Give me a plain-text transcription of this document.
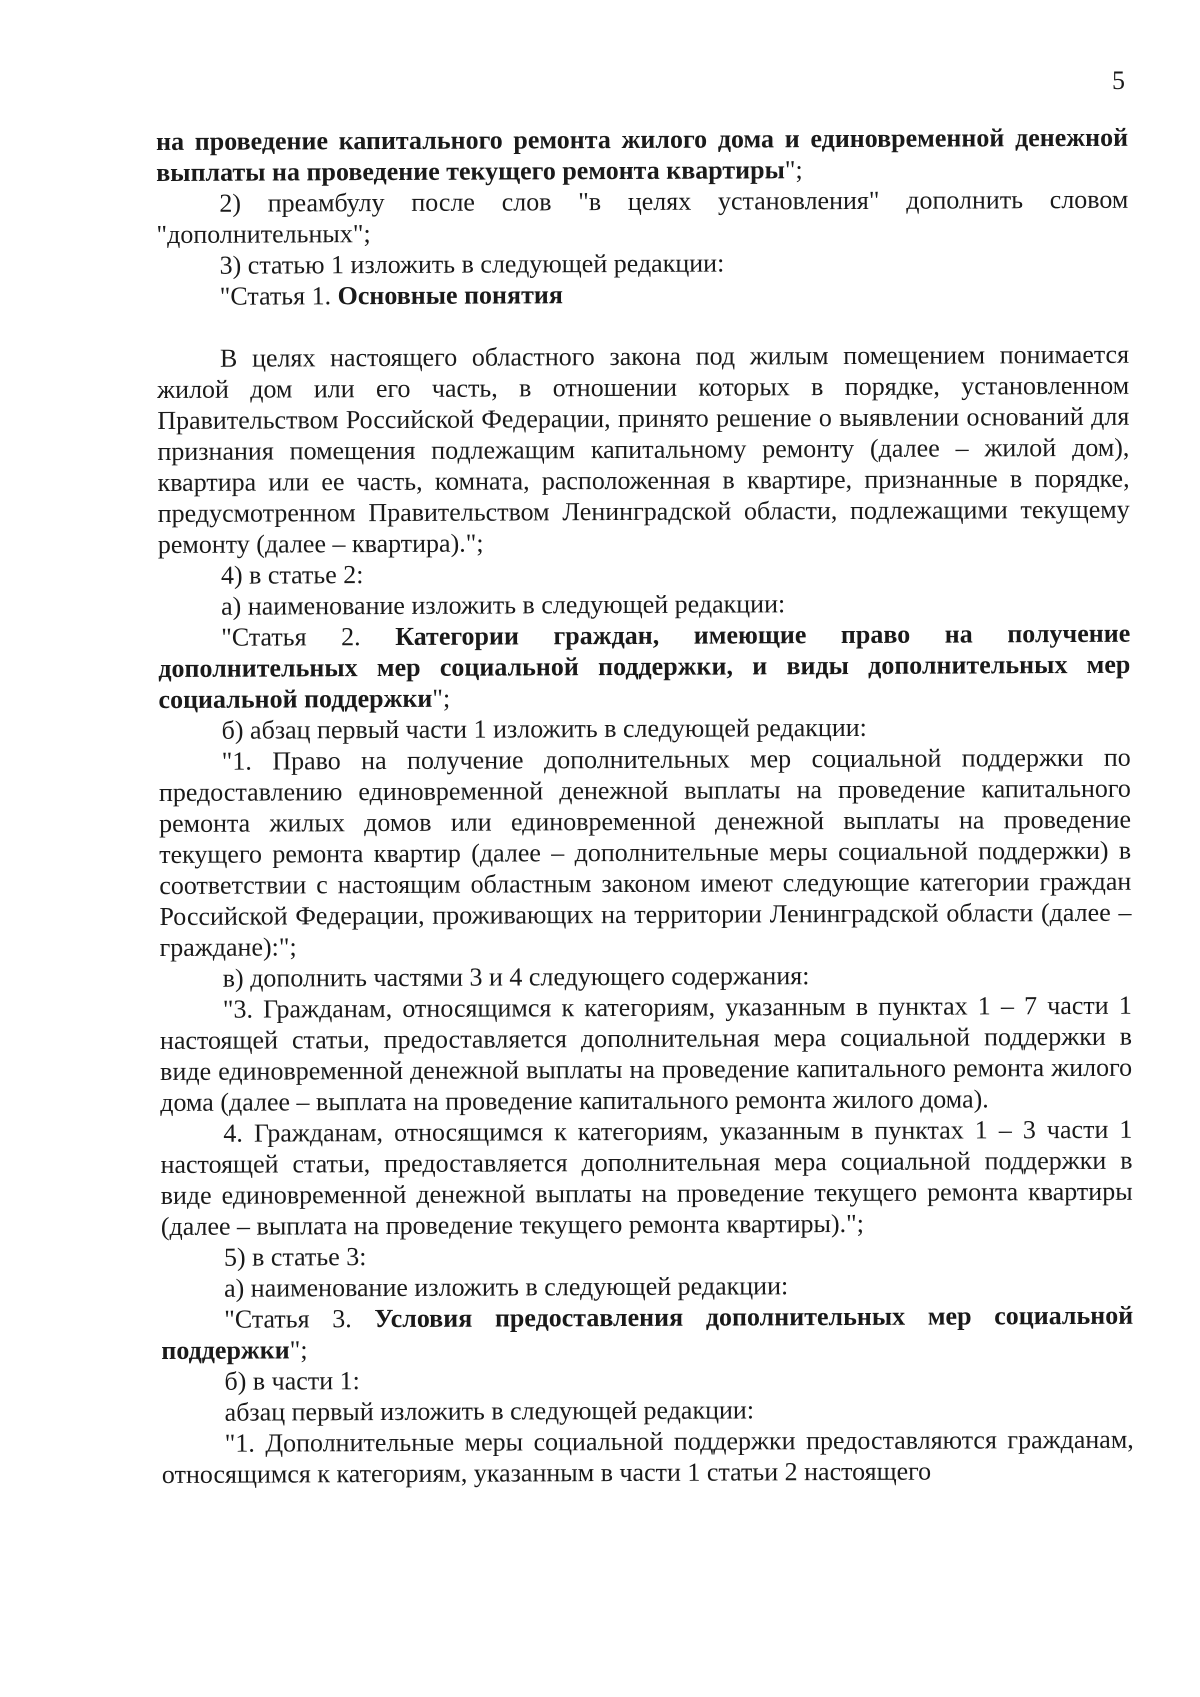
5

на проведение капитального ремонта жилого дома и единовременной денежной выплаты на проведение текущего ремонта квартиры";

2) преамбулу после слов "в целях установления" дополнить словом "дополнительных";

3) статью 1 изложить в следующей редакции:

"Статья 1. Основные понятия

В целях настоящего областного закона под жилым помещением понимается жилой дом или его часть, в отношении которых в порядке, установленном Правительством Российской Федерации, принято решение о выявлении оснований для признания помещения подлежащим капитальному ремонту (далее – жилой дом), квартира или ее часть, комната, расположенная в квартире, признанные в порядке, предусмотренном Правительством Ленинградской области, подлежащими текущему ремонту (далее – квартира).";

4) в статье 2:

а) наименование изложить в следующей редакции:

"Статья 2. Категории граждан, имеющие право на получение дополнительных мер социальной поддержки, и виды дополнительных мер социальной поддержки";

б) абзац первый части 1 изложить в следующей редакции:

"1. Право на получение дополнительных мер социальной поддержки по предоставлению единовременной денежной выплаты на проведение капитального ремонта жилых домов или единовременной денежной выплаты на проведение текущего ремонта квартир (далее – дополнительные меры социальной поддержки) в соответствии с настоящим областным законом имеют следующие категории граждан Российской Федерации, проживающих на территории Ленинградской области (далее – граждане):";

в) дополнить частями 3 и 4 следующего содержания:

"3. Гражданам, относящимся к категориям, указанным в пунктах 1 – 7 части 1 настоящей статьи, предоставляется дополнительная мера социальной поддержки в виде единовременной денежной выплаты на проведение капитального ремонта жилого дома (далее – выплата на проведение капитального ремонта жилого дома).

4. Гражданам, относящимся к категориям, указанным в пунктах 1 – 3 части 1 настоящей статьи, предоставляется дополнительная мера социальной поддержки в виде единовременной денежной выплаты на проведение текущего ремонта квартиры (далее – выплата на проведение текущего ремонта квартиры).";

5) в статье 3:

а) наименование изложить в следующей редакции:

"Статья 3. Условия предоставления дополнительных мер социальной поддержки";

б) в части 1:

абзац первый изложить в следующей редакции:

"1. Дополнительные меры социальной поддержки предоставляются гражданам, относящимся к категориям, указанным в части 1 статьи 2 настоящего
